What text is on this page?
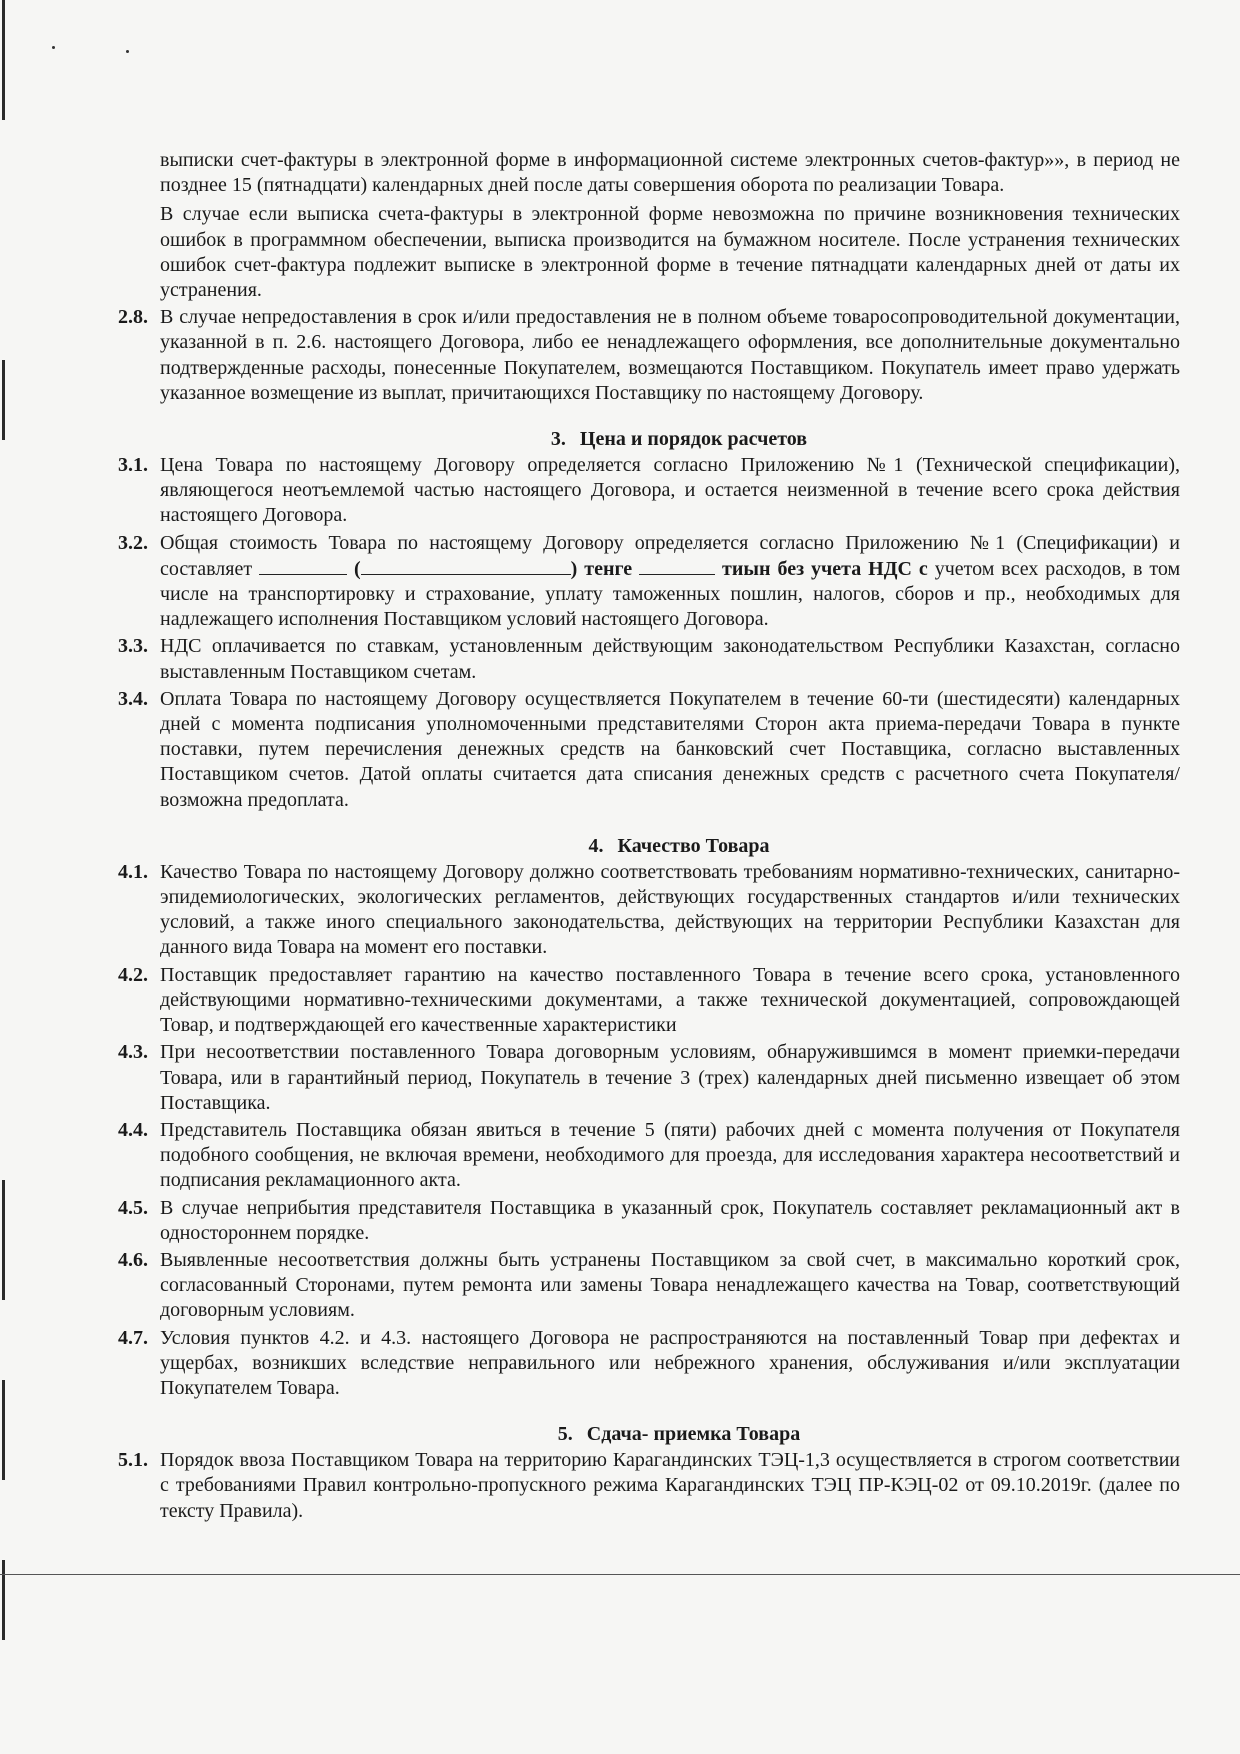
выписки счет-фактуры в электронной форме в информационной системе электронных счетов-фактур»», в период не позднее 15 (пятнадцати) календарных дней после даты совершения оборота по реализации Товара.

В случае если выписка счета-фактуры в электронной форме невозможна по причине возникновения технических ошибок в программном обеспечении, выписка производится на бумажном носителе. После устранения технических ошибок счет-фактура подлежит выписке в электронной форме в течение пятнадцати календарных дней от даты их устранения.

2.8. В случае непредоставления в срок и/или предоставления не в полном объеме товаросопроводительной документации, указанной в п. 2.6. настоящего Договора, либо ее ненадлежащего оформления, все дополнительные документально подтвержденные расходы, понесенные Покупателем, возмещаются Поставщиком. Покупатель имеет право удержать указанное возмещение из выплат, причитающихся Поставщику по настоящему Договору.

3. Цена и порядок расчетов

3.1. Цена Товара по настоящему Договору определяется согласно Приложению №1 (Технической спецификации), являющегося неотъемлемой частью настоящего Договора, и остается неизменной в течение всего срока действия настоящего Договора.

3.2. Общая стоимость Товара по настоящему Договору определяется согласно Приложению №1 (Спецификации) и составляет	(	) тенге	тиын без учета НДС с учетом всех расходов, в том числе на транспортировку и страхование, уплату таможенных пошлин, налогов, сборов и пр., необходимых для надлежащего исполнения Поставщиком условий настоящего Договора.

3.3. НДС оплачивается по ставкам, установленным действующим законодательством Республики Казахстан, согласно выставленным Поставщиком счетам.

3.4. Оплата Товара по настоящему Договору осуществляется Покупателем в течение 60-ти (шестидесяти) календарных дней с момента подписания уполномоченными представителями Сторон акта приема-передачи Товара в пункте поставки, путем перечисления денежных средств на банковский счет Поставщика, согласно выставленных Поставщиком счетов. Датой оплаты считается дата списания денежных средств с расчетного счета Покупателя/ возможна предоплата.

4. Качество Товара

4.1. Качество Товара по настоящему Договору должно соответствовать требованиям нормативно-технических, санитарно-эпидемиологических, экологических регламентов, действующих государственных стандартов и/или технических условий, а также иного специального законодательства, действующих на территории Республики Казахстан для данного вида Товара на момент его поставки.

4.2. Поставщик предоставляет гарантию на качество поставленного Товара в течение всего срока, установленного действующими нормативно-техническими документами, а также технической документацией, сопровождающей Товар, и подтверждающей его качественные характеристики

4.3. При несоответствии поставленного Товара договорным условиям, обнаружившимся в момент приемки-передачи Товара, или в гарантийный период, Покупатель в течение 3 (трех) календарных дней письменно извещает об этом Поставщика.

4.4. Представитель Поставщика обязан явиться в течение 5 (пяти) рабочих дней с момента получения от Покупателя подобного сообщения, не включая времени, необходимого для проезда, для исследования характера несоответствий и подписания рекламационного акта.

4.5. В случае неприбытия представителя Поставщика в указанный срок, Покупатель составляет рекламационный акт в одностороннем порядке.

4.6. Выявленные несоответствия должны быть устранены Поставщиком за свой счет, в максимально короткий срок, согласованный Сторонами, путем ремонта или замены Товара ненадлежащего качества на Товар, соответствующий договорным условиям.

4.7. Условия пунктов 4.2. и 4.3. настоящего Договора не распространяются на поставленный Товар при дефектах и ущербах, возникших вследствие неправильного или небрежного хранения, обслуживания и/или эксплуатации Покупателем Товара.

5. Сдача- приемка Товара

5.1. Порядок ввоза Поставщиком Товара на территорию Карагандинских ТЭЦ-1,3 осуществляется в строгом соответствии с требованиями Правил контрольно-пропускного режима Карагандинских ТЭЦ ПР-КЭЦ-02 от 09.10.2019г. (далее по тексту Правила).
